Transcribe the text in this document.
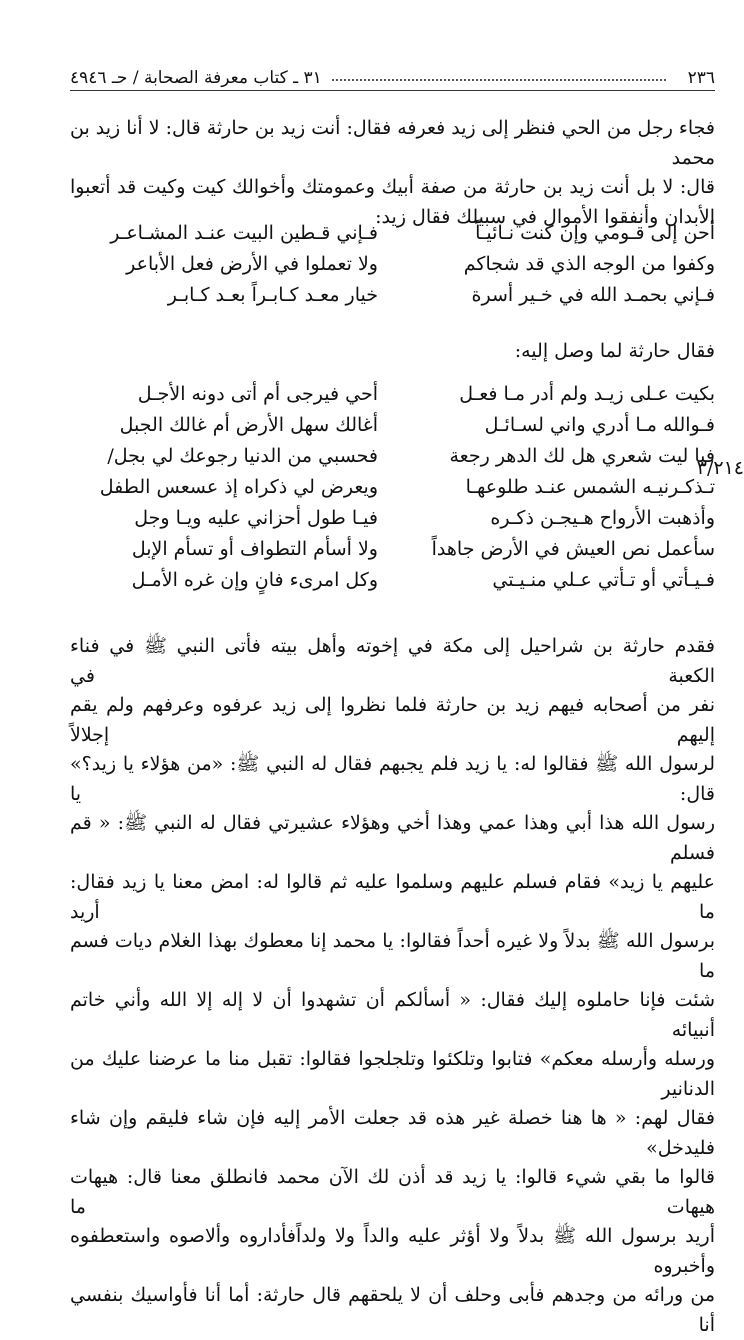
٢٣٦
٣١ ـ كتاب معرفة الصحابة / حـ ٤٩٤٦

فجاء رجل من الحي فنظر إلى زيد فعرفه فقال: أنت زيد بن حارثة قال: لا أنا زيد بن محمد

قال: لا بل أنت زيد بن حارثة من صفة أبيك وعمومتك وأخوالك كيت وكيت قد أتعبوا

الأبدان وأنفقوا الأموال في سبيلك فقال زيد:

أحن إلى قـومي وإن كنت نـائيـاً
فـإني قـطين البيت عنـد المشـاعـر
وكفوا من الوجه الذي قد شجاكم
ولا تعملوا في الأرض فعل الأباعر
فـإني بحمـد الله في خـير أسرة
خيار معـد كـابـراً بعـد كـابـر
فقال حارثة لما وصل إليه:
بكيت عـلى زيـد ولم أدر مـا فعـل
أحي فيرجى أم أتى دونه الأجـل
فـوالله مـا أدري واني لسـائـل
أغالك سهل الأرض أم غالك الجبل
فيا ليت شعري هل لك الدهر رجعة
فحسبي من الدنيا رجوعك لي بجل/
تـذكـرنيـه الشمس عنـد طلوعهـا
ويعرض لي ذكراه إذ عسعس الطفل
وأذهبت الأرواح هـيجـن ذكـره
فيـا طول أحزاني عليه ويـا وجل
سأعمل نص العيش في الأرض جاهداً
ولا أسأم التطواف أو تسأم الإبل
فـيـأتي أو تـأتي عـلي منـيـتي
وكل امرىء فانٍ وإن غره الأمـل
٣/٢١٤

فقدم حارثة بن شراحيل إلى مكة في إخوته وأهل بيته فأتى النبي ﷺ في فناء الكعبة في

نفر من أصحابه فيهم زيد بن حارثة فلما نظروا إلى زيد عرفوه وعرفهم ولم يقم إليهم إجلالاً

لرسول الله ﷺ فقالوا له: يا زيد فلم يجبهم فقال له النبي ﷺ: «من هؤلاء يا زيد؟» قال: يا

رسول الله هذا أبي وهذا عمي وهذا أخي وهؤلاء عشيرتي فقال له النبي ﷺ: « قم فسلم

عليهم يا زيد» فقام فسلم عليهم وسلموا عليه ثم قالوا له: امض معنا يا زيد فقال: ما أريد

برسول الله ﷺ بدلاً ولا غيره أحداً فقالوا: يا محمد إنا معطوك بهذا الغلام ديات فسم ما

شئت فإنا حاملوه إليك فقال: « أسألكم أن تشهدوا أن لا إله إلا الله وأني خاتم أنبيائه

ورسله وأرسله معكم» فتابوا وتلكئوا وتلجلجوا فقالوا: تقبل منا ما عرضنا عليك من الدنانير

فقال لهم: « ها هنا خصلة غير هذه قد جعلت الأمر إليه فإن شاء فليقم وإن شاء فليدخل»

قالوا ما بقي شيء قالوا: يا زيد قد أذن لك الآن محمد فانطلق معنا قال: هيهات هيهات ما

أريد برسول الله ﷺ بدلاً ولا أؤثر عليه والداً ولا ولداًفأداروه وألاصوه واستعطفوه وأخبروه

من ورائه من وجدهم فأبى وحلف أن لا يلحقهم قال حارثة: أما أنا فأواسيك بنفسي أنا
